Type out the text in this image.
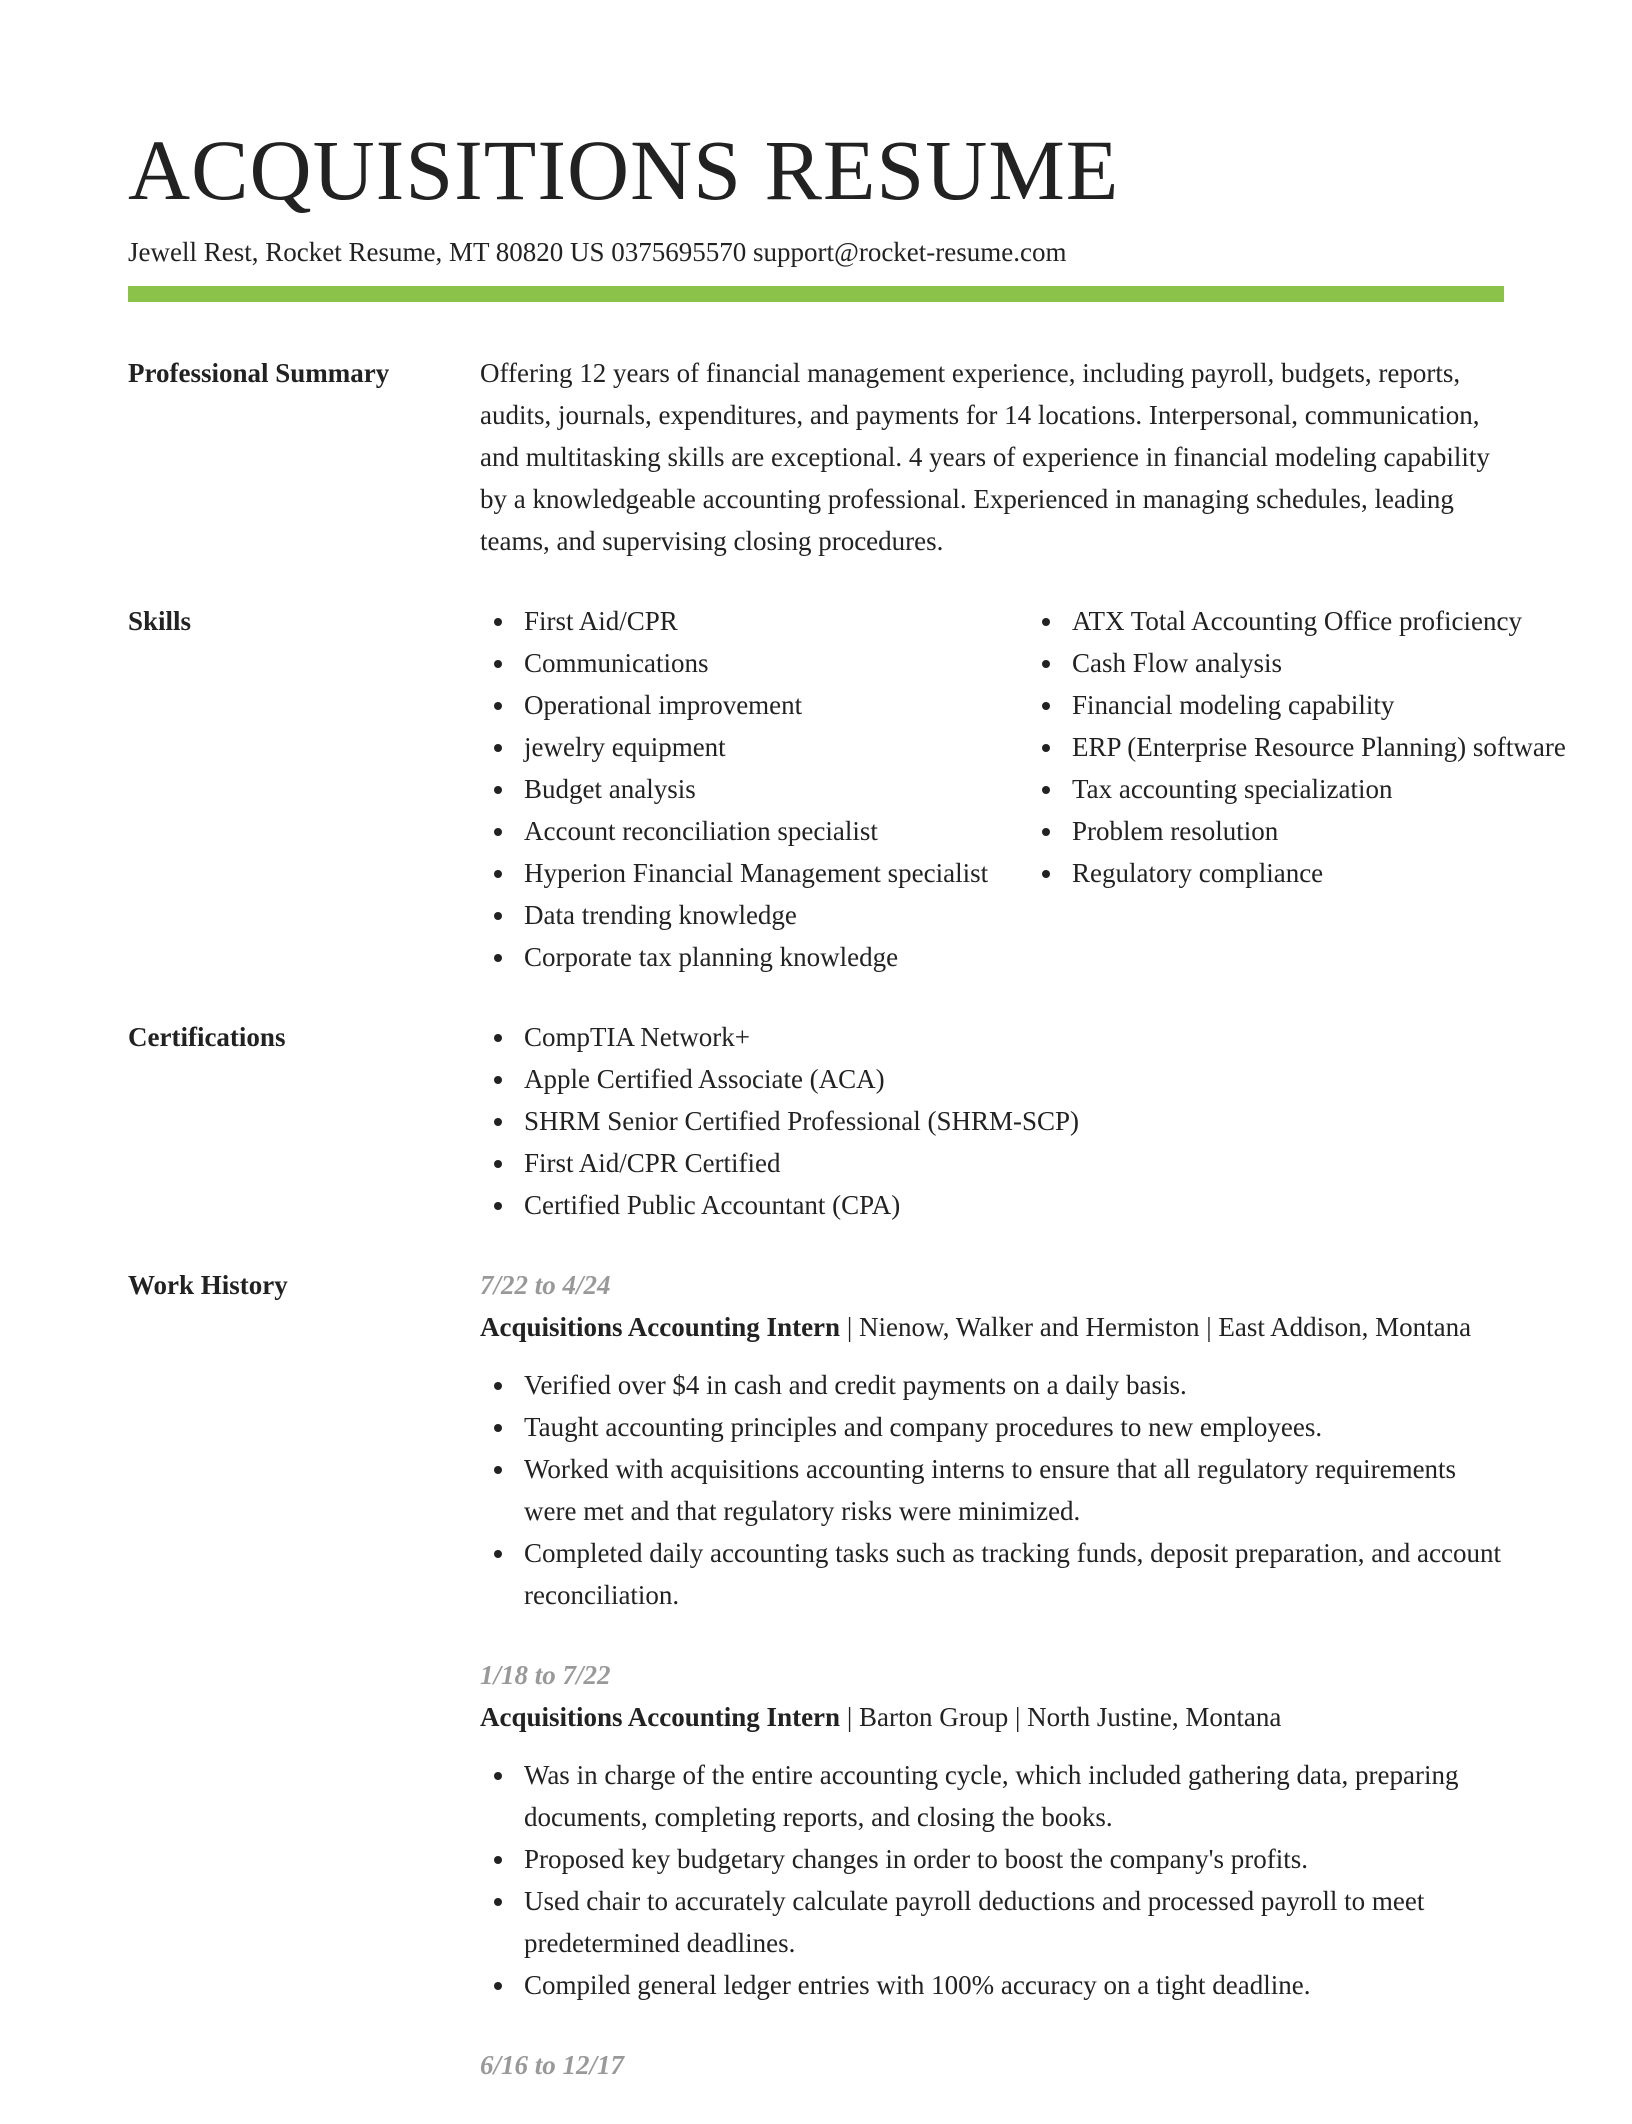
ACQUISITIONS RESUME
Jewell Rest, Rocket Resume, MT 80820 US 0375695570 support@rocket-resume.com
Professional Summary	Offering 12 years of financial management experience, including payroll, budgets, reports, audits, journals, expenditures, and payments for 14 locations. Interpersonal, communication, and multitasking skills are exceptional. 4 years of experience in financial modeling capability by a knowledgeable accounting professional. Experienced in managing schedules, leading teams, and supervising closing procedures.

Skills	First Aid/CPR
Communications
Operational improvement
jewelry equipment
Budget analysis
Account reconciliation specialist
Hyperion Financial Management specialist
Data trending knowledge
Corporate tax planning knowledge
ATX Total Accounting Office proficiency
Cash Flow analysis
Financial modeling capability
ERP (Enterprise Resource Planning) software
Tax accounting specialization
Problem resolution
Regulatory compliance
Certifications	CompTIA Network+
Apple Certified Associate (ACA)
SHRM Senior Certified Professional (SHRM-SCP)
First Aid/CPR Certified
Certified Public Accountant (CPA)
Work History	7/22 to 4/24
Acquisitions Accounting Intern | Nienow, Walker and Hermiston | East Addison, Montana
Verified over $4 in cash and credit payments on a daily basis.
Taught accounting principles and company procedures to new employees.
Worked with acquisitions accounting interns to ensure that all regulatory requirements were met and that regulatory risks were minimized.
Completed daily accounting tasks such as tracking funds, deposit preparation, and account reconciliation.
1/18 to 7/22
Acquisitions Accounting Intern | Barton Group | North Justine, Montana
Was in charge of the entire accounting cycle, which included gathering data, preparing documents, completing reports, and closing the books.
Proposed key budgetary changes in order to boost the company's profits.
Used chair to accurately calculate payroll deductions and processed payroll to meet predetermined deadlines.
Compiled general ledger entries with 100% accuracy on a tight deadline.
6/16 to 12/17
